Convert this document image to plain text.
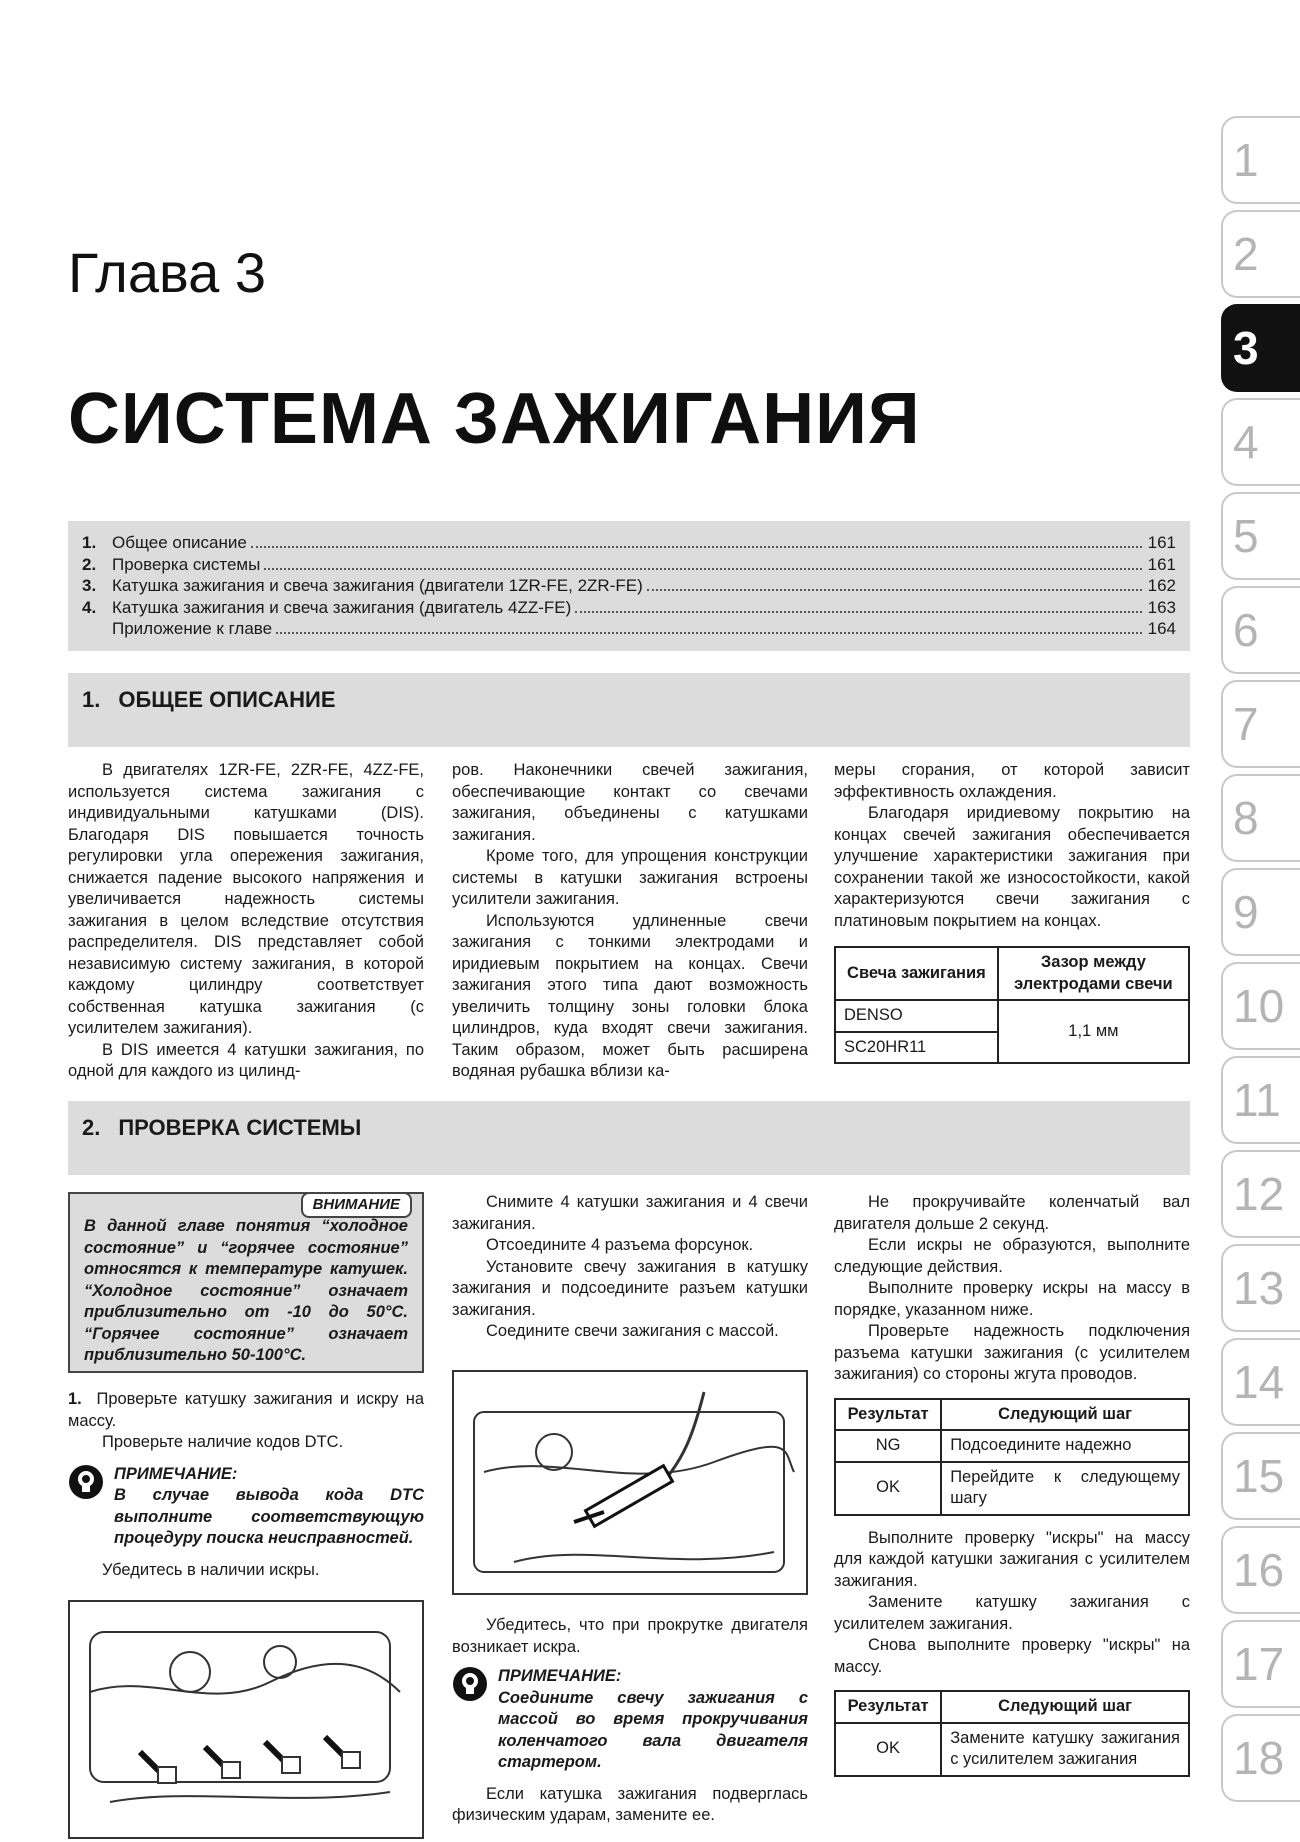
1
2
3
4
5
6
7
8
9
10
11
12
13
14
15
16
17
18
Глава 3
СИСТЕМА ЗАЖИГАНИЯ
1. Общее описание	161
2. Проверка системы	161
3. Катушка зажигания и свеча зажигания (двигатели 1ZR-FE, 2ZR-FE)	162
4. Катушка зажигания и свеча зажигания (двигатель 4ZZ-FE)	163
Приложение к главе	164
1. ОБЩЕЕ ОПИСАНИЕ

В двигателях 1ZR-FE, 2ZR-FE, 4ZZ-FE, используется система зажигания с индивидуальными катушками (DIS). Благодаря DIS повышается точность регулировки угла опережения зажигания, снижается падение высокого напряжения и увеличивается надежность системы зажигания в целом вследствие отсутствия распределителя. DIS представляет собой независимую систему зажигания, в которой каждому цилиндру соответствует собственная катушка зажигания (с усилителем зажигания).

В DIS имеется 4 катушки зажигания, по одной для каждого из цилинд-

ров. Наконечники свечей зажигания, обеспечивающие контакт со свечами зажигания, объединены с катушками зажигания.

Кроме того, для упрощения конструкции системы в катушки зажигания встроены усилители зажигания.

Используются удлиненные свечи зажигания с тонкими электродами и иридиевым покрытием на концах. Свечи зажигания этого типа дают возможность увеличить толщину зоны головки блока цилиндров, куда входят свечи зажигания. Таким образом, может быть расширена водяная рубашка вблизи ка-

меры сгорания, от которой зависит эффективность охлаждения.

Благодаря иридиевому покрытию на концах свечей зажигания обеспечивается улучшение характеристики зажигания при сохранении такой же износостойкости, какой характеризуются свечи зажигания с платиновым покрытием на концах.

Свеча зажигания	Зазор между электродами свечи
DENSO	1,1 мм
SC20HR11	
2. ПРОВЕРКА СИСТЕМЫ
ВНИМАНИЕ
В данной главе понятия “холодное состояние” и “горячее состояние” относятся к температуре катушек. “Холодное состояние” означает приблизительно от -10 до 50°С. “Горячее состояние” означает приблизительно 50-100°С.

1. Проверьте катушку зажигания и искру на массу.

Проверьте наличие кодов DTC.

ПРИМЕЧАНИЕ:
В случае вывода кода DTC выполните соответствующую процедуру поиска неисправностей.

Убедитесь в наличии искры.

Снимите 4 катушки зажигания и 4 свечи зажигания.

Отсоедините 4 разъема форсунок.

Установите свечу зажигания в катушку зажигания и подсоедините разъем катушки зажигания.

Соедините свечи зажигания с массой.

Убедитесь, что при прокрутке двигателя возникает искра.

ПРИМЕЧАНИЕ:
Соедините свечу зажигания с массой во время прокручивания коленчатого вала двигателя стартером.

Если катушка зажигания подверглась физическим ударам, замените ее.

Не прокручивайте коленчатый вал двигателя дольше 2 секунд.

Если искры не образуются, выполните следующие действия.

Выполните проверку искры на массу в порядке, указанном ниже.

Проверьте надежность подключения разъема катушки зажигания (с усилителем зажигания) со стороны жгута проводов.

Результат	Следующий шаг
NG	Подсоедините надежно
OK	Перейдите к следующему шагу

Выполните проверку "искры" на массу для каждой катушки зажигания с усилителем зажигания.

Замените катушку зажигания с усилителем зажигания.

Снова выполните проверку "искры" на массу.

Результат	Следующий шаг
OK	Замените катушку зажигания с усилителем зажигания
